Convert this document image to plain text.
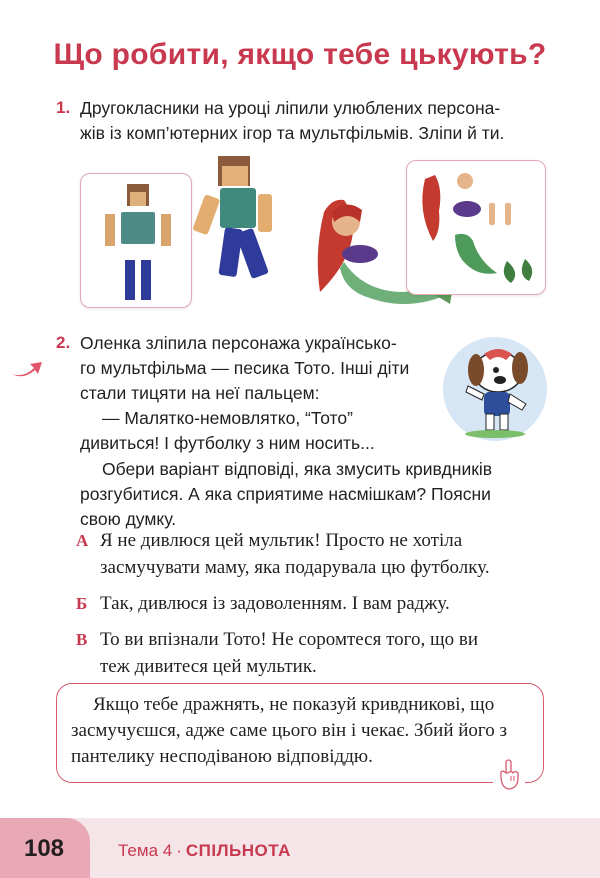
Що робити, якщо тебе цькують?
1. Другокласники на уроці ліпили улюблених персона-
жів із комп’ютерних ігор та мультфільмів. Зліпи й ти.
2. Оленка зліпила персонажа українсько-
го мультфільма — песика Тото. Інші діти
стали тицяти на неї пальцем:
— Малятко-немовлятко, “Тото”
дивиться! І футболку з ним носить...
Обери варіант відповіді, яка змусить кривдників
розгубитися. А яка сприятиме насмішкам? Поясни
свою думку.
А Я не дивлюся цей мультик! Просто не хотіла
засмучувати маму, яка подарувала цю футболку.
Б Так, дивлюся із задоволенням. І вам раджу.
В То ви впізнали Тото! Не соромтеся того, що ви
теж дивитеся цей мультик.
Якщо тебе дражнять, не показуй кривдникові, що засмучуєшся, адже саме цього він і чекає. Збий його з пантелику несподіваною відповіддю.
108	Тема 4 · СПІЛЬНОТА
